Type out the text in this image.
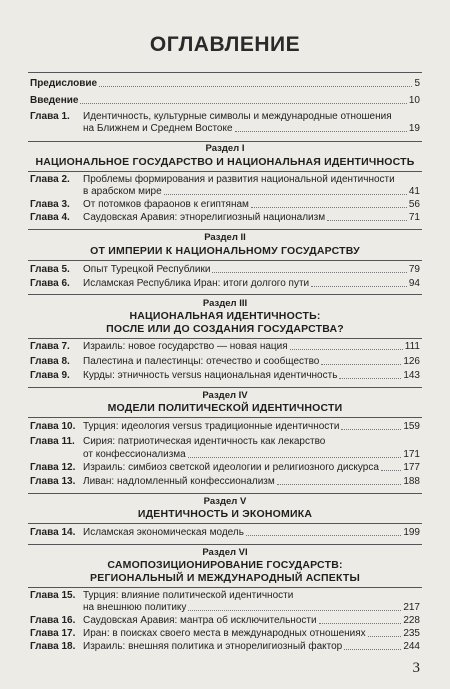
ОГЛАВЛЕНИЕ
Предисловие	5
Введение	10
Глава 1.	Идентичность, культурные символы и международные отношения
на Ближнем и Среднем Востоке	19
Раздел I
НАЦИОНАЛЬНОЕ ГОСУДАРСТВО И НАЦИОНАЛЬНАЯ ИДЕНТИЧНОСТЬ
Глава 2.	Проблемы формирования и развития национальной идентичности
в арабском мире	41
Глава 3.	От потомков фараонов к египтянам	56
Глава 4.	Саудовская Аравия: этнорелигиозный национализм	71
Раздел II
ОТ ИМПЕРИИ К НАЦИОНАЛЬНОМУ ГОСУДАРСТВУ
Глава 5.	Опыт Турецкой Республики	79
Глава 6.	Исламская Республика Иран: итоги долгого пути	94
Раздел III
НАЦИОНАЛЬНАЯ ИДЕНТИЧНОСТЬ:
ПОСЛЕ ИЛИ ДО СОЗДАНИЯ ГОСУДАРСТВА?
Глава 7.	Израиль: новое государство — новая нация	111
Глава 8.	Палестина и палестинцы: отечество и сообщество	126
Глава 9.	Курды: этничность versus национальная идентичность	143
Раздел IV
МОДЕЛИ ПОЛИТИЧЕСКОЙ ИДЕНТИЧНОСТИ
Глава 10. Турция: идеология versus традиционные идентичности	159
Глава 11. Сирия: патриотическая идентичность как лекарство
от конфессионализма	171
Глава 12. Израиль: симбиоз светской идеологии и религиозного дискурса 177
Глава 13. Ливан: надломленный конфессионализм	188
Раздел V
ИДЕНТИЧНОСТЬ И ЭКОНОМИКА
Глава 14. Исламская экономическая модель	199
Раздел VI
САМОПОЗИЦИОНИРОВАНИЕ ГОСУДАРСТВ:
РЕГИОНАЛЬНЫЙ И МЕЖДУНАРОДНЫЙ АСПЕКТЫ
Глава 15. Турция: влияние политической идентичности
на внешнюю политику	217
Глава 16. Саудовская Аравия: мантра об исключительности	228
Глава 17. Иран: в поисках своего места в международных отношениях	235
Глава 18. Израиль: внешняя политика и этнорелигиозный фактор	244
3
